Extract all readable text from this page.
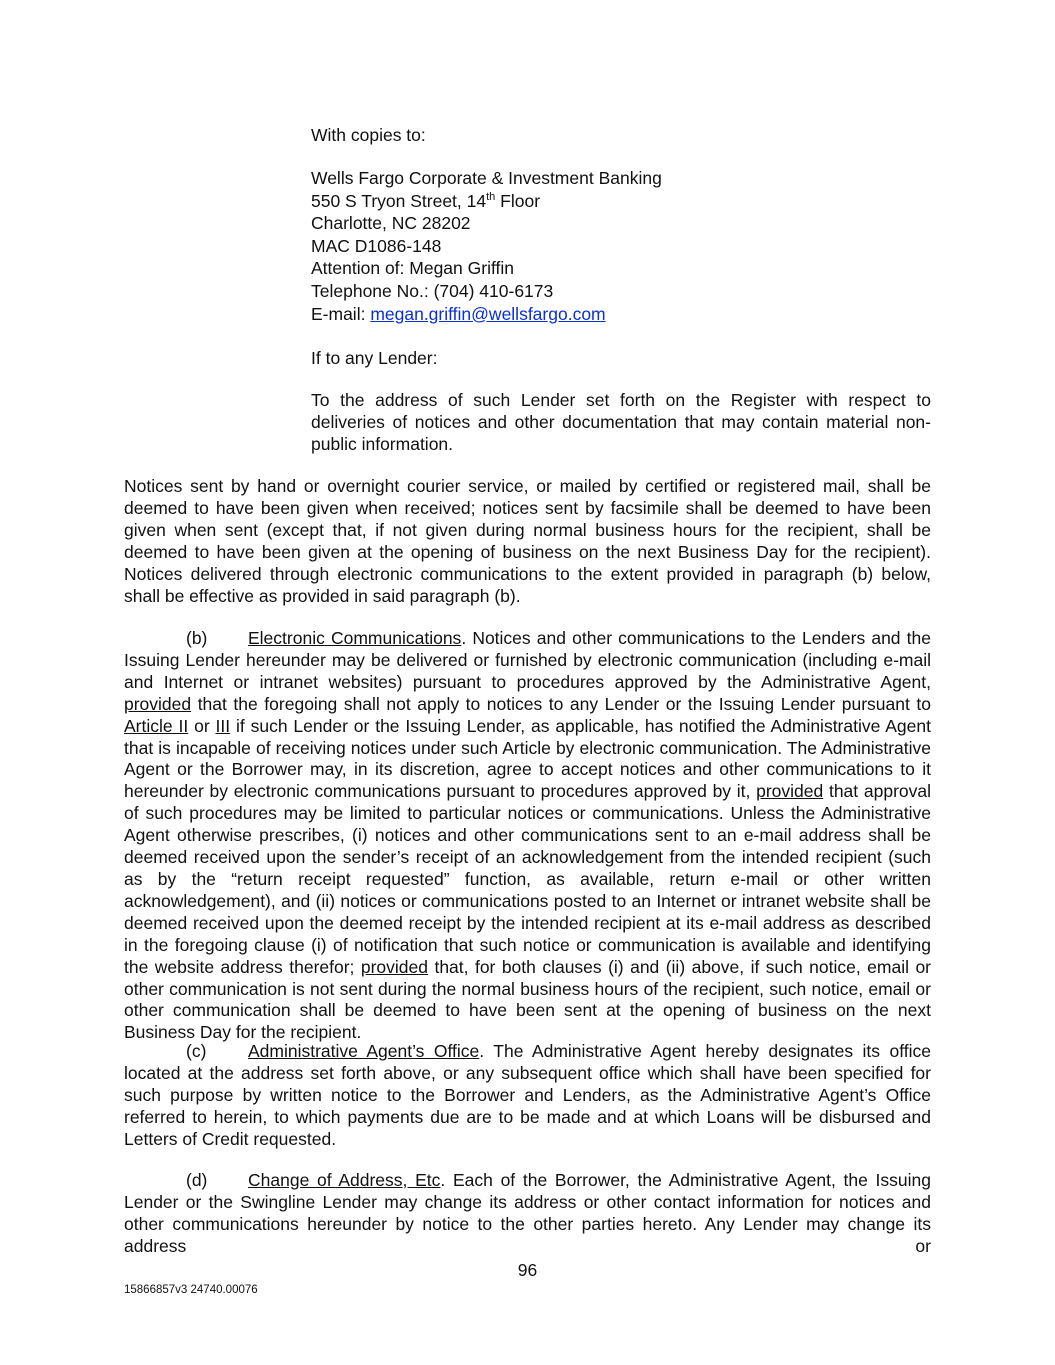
With copies to:
Wells Fargo Corporate & Investment Banking
550 S Tryon Street, 14th Floor
Charlotte, NC 28202
MAC D1086-148
Attention of: Megan Griffin
Telephone No.: (704) 410-6173
E-mail: megan.griffin@wellsfargo.com
If to any Lender:
To the address of such Lender set forth on the Register with respect to deliveries of notices and other documentation that may contain material non-public information.
Notices sent by hand or overnight courier service, or mailed by certified or registered mail, shall be deemed to have been given when received; notices sent by facsimile shall be deemed to have been given when sent (except that, if not given during normal business hours for the recipient, shall be deemed to have been given at the opening of business on the next Business Day for the recipient). Notices delivered through electronic communications to the extent provided in paragraph (b) below, shall be effective as provided in said paragraph (b).
(b) Electronic Communications. Notices and other communications to the Lenders and the Issuing Lender hereunder may be delivered or furnished by electronic communication (including e-mail and Internet or intranet websites) pursuant to procedures approved by the Administrative Agent, provided that the foregoing shall not apply to notices to any Lender or the Issuing Lender pursuant to Article II or III if such Lender or the Issuing Lender, as applicable, has notified the Administrative Agent that is incapable of receiving notices under such Article by electronic communication. The Administrative Agent or the Borrower may, in its discretion, agree to accept notices and other communications to it hereunder by electronic communications pursuant to procedures approved by it, provided that approval of such procedures may be limited to particular notices or communications. Unless the Administrative Agent otherwise prescribes, (i) notices and other communications sent to an e-mail address shall be deemed received upon the sender’s receipt of an acknowledgement from the intended recipient (such as by the “return receipt requested” function, as available, return e-mail or other written acknowledgement), and (ii) notices or communications posted to an Internet or intranet website shall be deemed received upon the deemed receipt by the intended recipient at its e-mail address as described in the foregoing clause (i) of notification that such notice or communication is available and identifying the website address therefor; provided that, for both clauses (i) and (ii) above, if such notice, email or other communication is not sent during the normal business hours of the recipient, such notice, email or other communication shall be deemed to have been sent at the opening of business on the next Business Day for the recipient.
(c) Administrative Agent’s Office. The Administrative Agent hereby designates its office located at the address set forth above, or any subsequent office which shall have been specified for such purpose by written notice to the Borrower and Lenders, as the Administrative Agent’s Office referred to herein, to which payments due are to be made and at which Loans will be disbursed and Letters of Credit requested.
(d) Change of Address, Etc. Each of the Borrower, the Administrative Agent, the Issuing Lender or the Swingline Lender may change its address or other contact information for notices and other communications hereunder by notice to the other parties hereto. Any Lender may change its address or
96
15866857v3 24740.00076
